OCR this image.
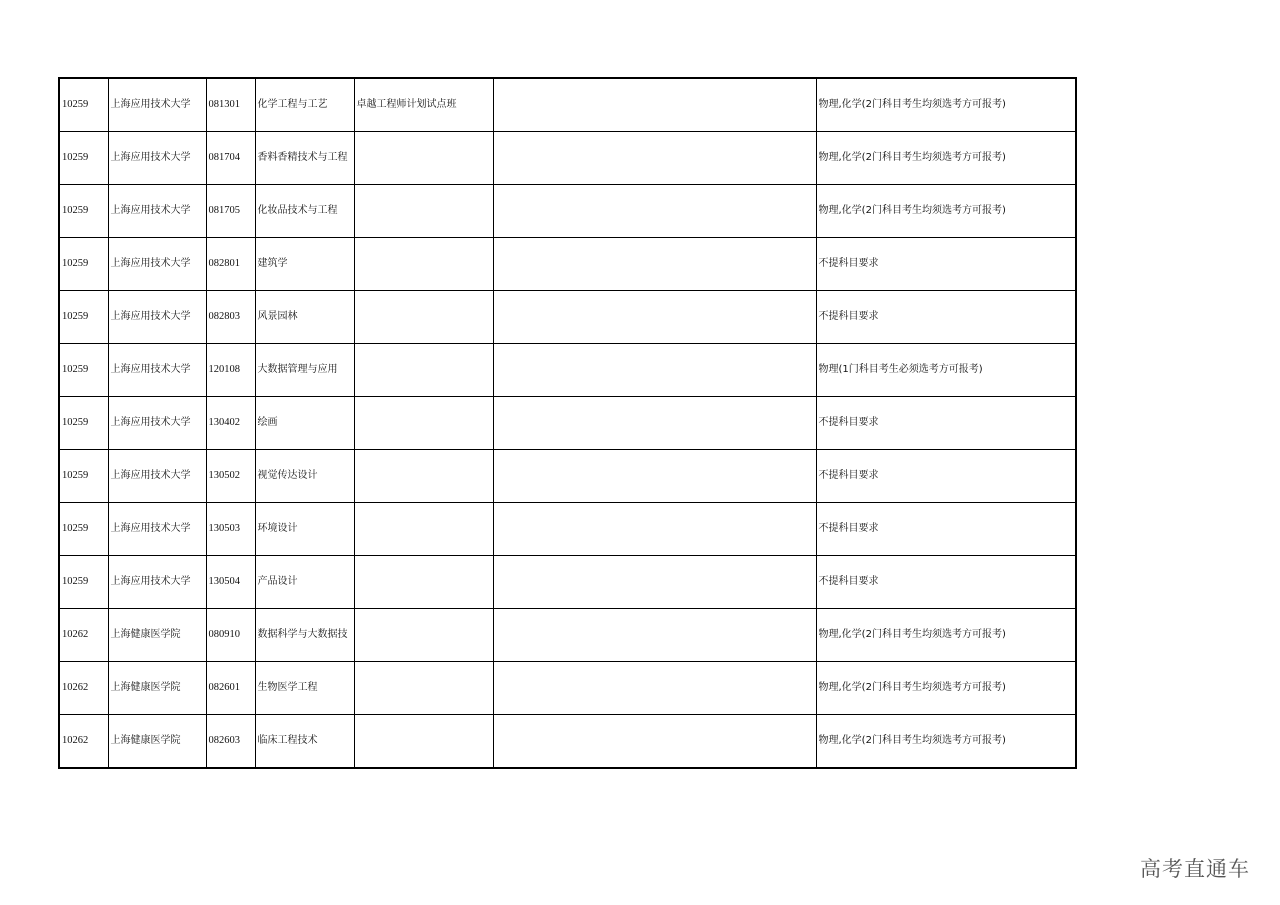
10259	上海应用技术大学	081301	化学工程与工艺	卓越工程师计划试点班		物理,化学(2门科目考生均须选考方可报考)
10259	上海应用技术大学	081704	香料香精技术与工程			物理,化学(2门科目考生均须选考方可报考)
10259	上海应用技术大学	081705	化妆品技术与工程			物理,化学(2门科目考生均须选考方可报考)
10259	上海应用技术大学	082801	建筑学			不提科目要求
10259	上海应用技术大学	082803	风景园林			不提科目要求
10259	上海应用技术大学	120108	大数据管理与应用			物理(1门科目考生必须选考方可报考)
10259	上海应用技术大学	130402	绘画			不提科目要求
10259	上海应用技术大学	130502	视觉传达设计			不提科目要求
10259	上海应用技术大学	130503	环境设计			不提科目要求
10259	上海应用技术大学	130504	产品设计			不提科目要求
10262	上海健康医学院	080910	数据科学与大数据技			物理,化学(2门科目考生均须选考方可报考)
10262	上海健康医学院	082601	生物医学工程			物理,化学(2门科目考生均须选考方可报考)
10262	上海健康医学院	082603	临床工程技术			物理,化学(2门科目考生均须选考方可报考)
高考直通车
